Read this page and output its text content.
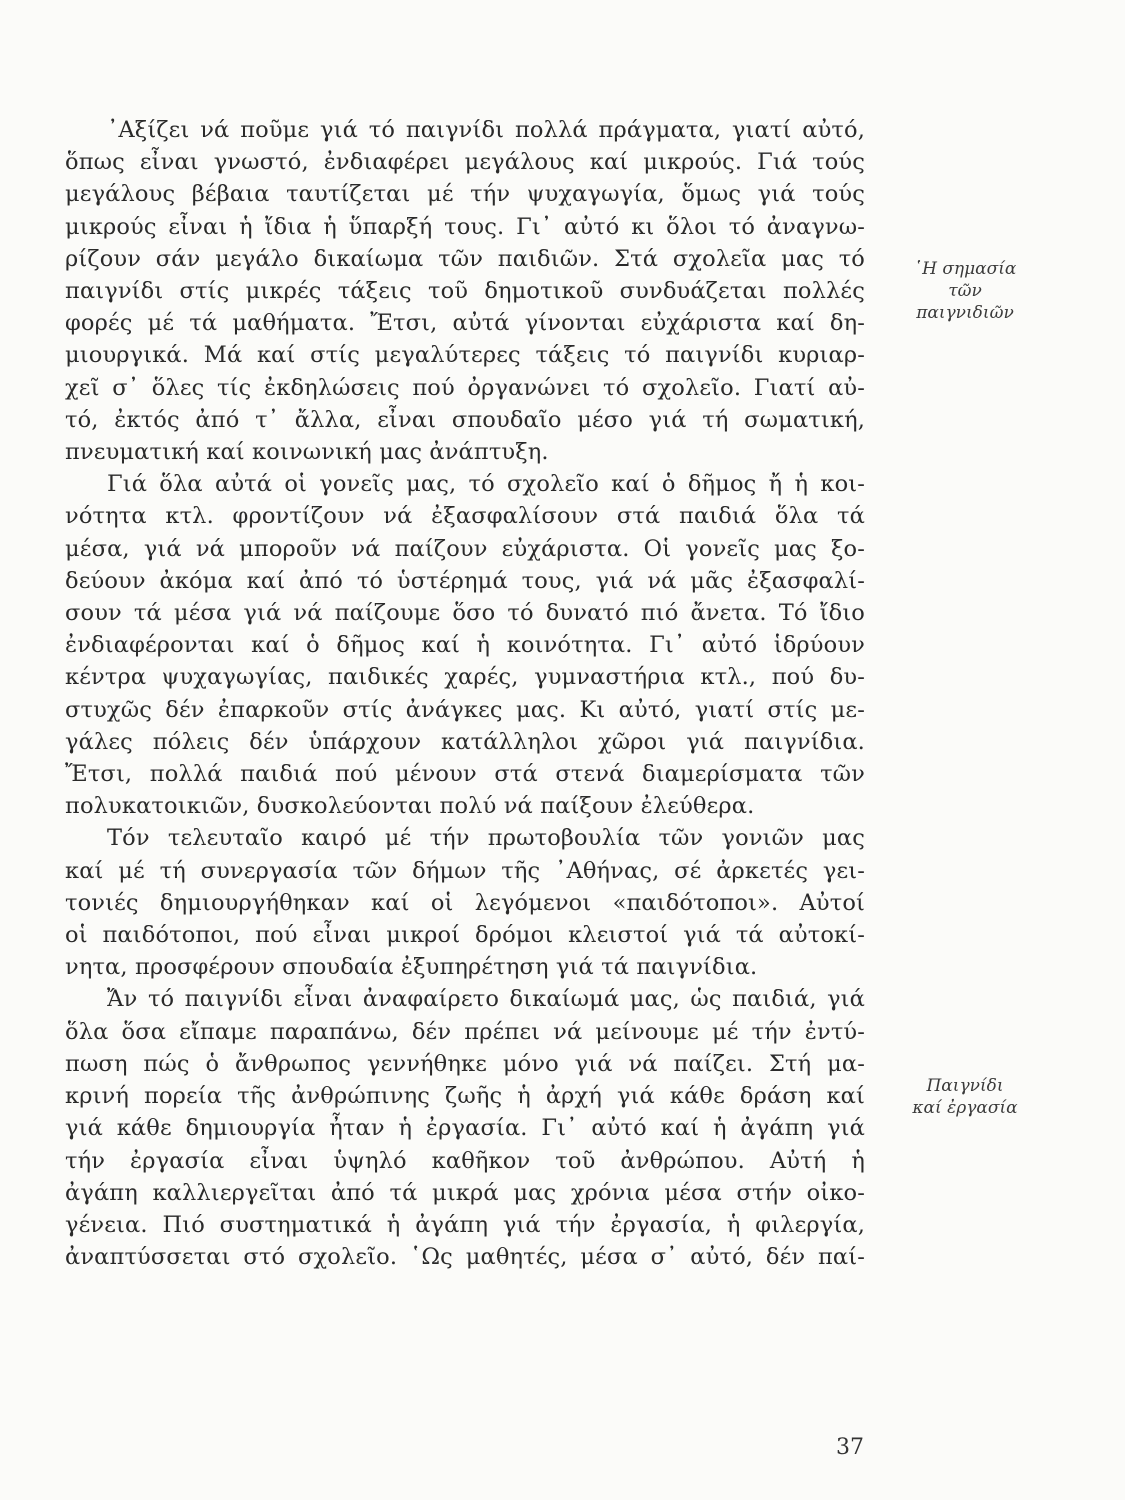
᾿Αξίζει νά ποῦμε γιά τό παιγνίδι πολλά πράγματα, γιατί αὐτό,
ὅπως εἶναι γνωστό, ἐνδιαφέρει μεγάλους καί μικρούς. Γιά τούς
μεγάλους βέβαια ταυτίζεται μέ τήν ψυχαγωγία, ὅμως γιά τούς
μικρούς εἶναι ἡ ἴδια ἡ ὕπαρξή τους. Γι᾿ αὐτό κι ὅλοι τό ἀναγνω-
ρίζουν σάν μεγάλο δικαίωμα τῶν παιδιῶν. Στά σχολεῖα μας τό
παιγνίδι στίς μικρές τάξεις τοῦ δημοτικοῦ συνδυάζεται πολλές
φορές μέ τά μαθήματα. Ἔτσι, αὐτά γίνονται εὐχάριστα καί δη-
μιουργικά. Μά καί στίς μεγαλύτερες τάξεις τό παιγνίδι κυριαρ-
χεῖ σ᾿ ὅλες τίς ἐκδηλώσεις πού ὀργανώνει τό σχολεῖο. Γιατί αὐ-
τό, ἐκτός ἀπό τ᾿ ἄλλα, εἶναι σπουδαῖο μέσο γιά τή σωματική,
πνευματική καί κοινωνική μας ἀνάπτυξη.

Γιά ὅλα αὐτά οἱ γονεῖς μας, τό σχολεῖο καί ὁ δῆμος ἤ ἡ κοι-
νότητα κτλ. φροντίζουν νά ἐξασφαλίσουν στά παιδιά ὅλα τά
μέσα, γιά νά μποροῦν νά παίζουν εὐχάριστα. Οἱ γονεῖς μας ξο-
δεύουν ἀκόμα καί ἀπό τό ὑστέρημά τους, γιά νά μᾶς ἐξασφαλί-
σουν τά μέσα γιά νά παίζουμε ὅσο τό δυνατό πιό ἄνετα. Τό ἴδιο
ἐνδιαφέρονται καί ὁ δῆμος καί ἡ κοινότητα. Γι᾿ αὐτό ἱδρύουν
κέντρα ψυχαγωγίας, παιδικές χαρές, γυμναστήρια κτλ., πού δυ-
στυχῶς δέν ἐπαρκοῦν στίς ἀνάγκες μας. Κι αὐτό, γιατί στίς με-
γάλες πόλεις δέν ὑπάρχουν κατάλληλοι χῶροι γιά παιγνίδια.
Ἔτσι, πολλά παιδιά πού μένουν στά στενά διαμερίσματα τῶν
πολυκατοικιῶν, δυσκολεύονται πολύ νά παίξουν ἐλεύθερα.

Τόν τελευταῖο καιρό μέ τήν πρωτοβουλία τῶν γονιῶν μας
καί μέ τή συνεργασία τῶν δήμων τῆς ᾿Αθήνας, σέ ἀρκετές γει-
τονιές δημιουργήθηκαν καί οἱ λεγόμενοι «παιδότοποι». Αὐτοί
οἱ παιδότοποι, πού εἶναι μικροί δρόμοι κλειστοί γιά τά αὐτοκί-
νητα, προσφέρουν σπουδαία ἐξυπηρέτηση γιά τά παιγνίδια.

Ἄν τό παιγνίδι εἶναι ἀναφαίρετο δικαίωμά μας, ὡς παιδιά, γιά
ὅλα ὅσα εἴπαμε παραπάνω, δέν πρέπει νά μείνουμε μέ τήν ἐντύ-
πωση πώς ὁ ἄνθρωπος γεννήθηκε μόνο γιά νά παίζει. Στή μα-
κρινή πορεία τῆς ἀνθρώπινης ζωῆς ἡ ἀρχή γιά κάθε δράση καί
γιά κάθε δημιουργία ἦταν ἡ ἐργασία. Γι᾿ αὐτό καί ἡ ἀγάπη γιά
τήν ἐργασία εἶναι ὑψηλό καθῆκον τοῦ ἀνθρώπου. Αὐτή ἡ
ἀγάπη καλλιεργεῖται ἀπό τά μικρά μας χρόνια μέσα στήν οἰκο-
γένεια. Πιό συστηματικά ἡ ἀγάπη γιά τήν ἐργασία, ἡ φιλεργία,
ἀναπτύσσεται στό σχολεῖο. ῾Ως μαθητές, μέσα σ᾿ αὐτό, δέν παί-

῾Η σημασία
τῶν
παιγνιδιῶν
Παιγνίδι
καί ἐργασία
37
